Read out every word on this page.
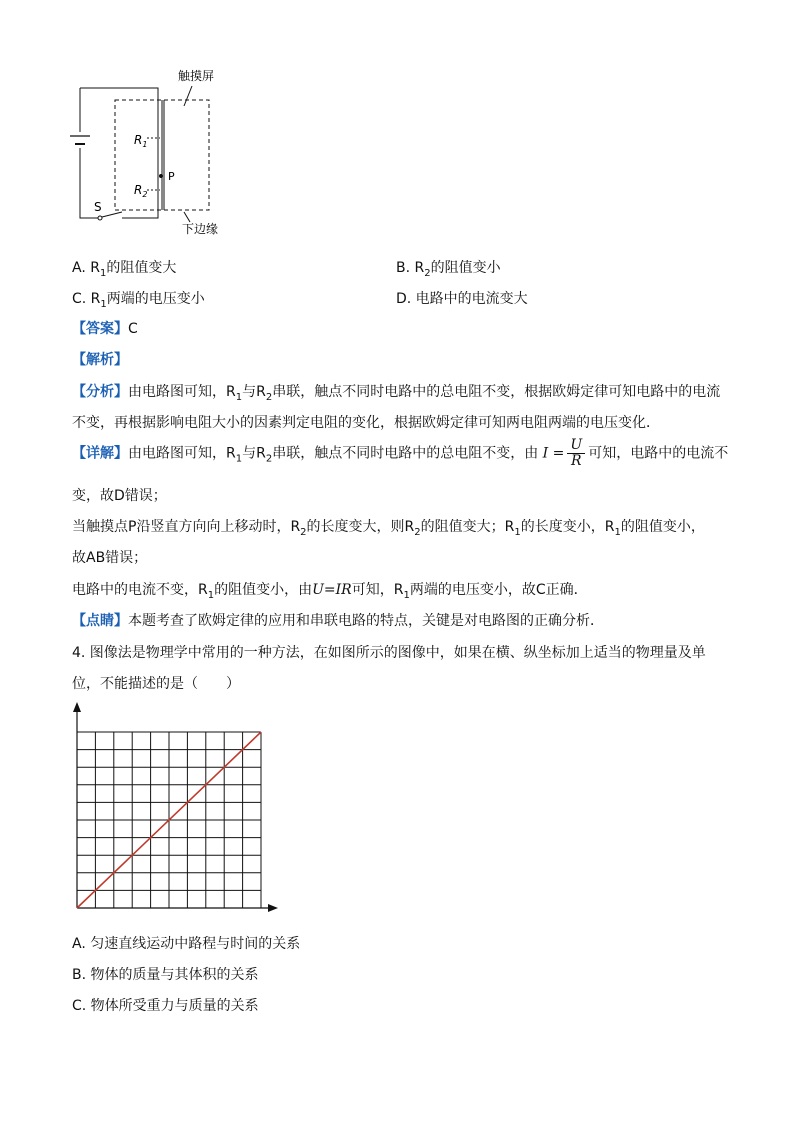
S
P
$R_1$
$R_2$
触摸屏
下边缘
A. $R_1$的阻值变大	B. $R_2$的阻值变小
C. $R_1$两端的电压变小	D. 电路中的电流变大
【答案】C
【解析】
【分析】由电路图可知，$R_1$与$R_2$串联，触点不同时电路中的总电阻不变，根据欧姆定律可知电路中的电流
不变，再根据影响电阻大小的因素判定电阻的变化，根据欧姆定律可知两电阻两端的电压变化．
【详解】由电路图可知，$R_1$与$R_2$串联，触点不同时电路中的总电阻不变，由 $I = \frac{U}{R}$ 可知，电路中的电流不
变，故D错误；
当触摸点P沿竖直方向向上移动时，$R_2$的长度变大，则$R_2$的阻值变大；$R_1$的长度变小，$R_1$的阻值变小，
故AB错误；
电路中的电流不变，$R_1$的阻值变小，由U=IR可知，$R_1$两端的电压变小，故C正确．
【点睛】本题考查了欧姆定律的应用和串联电路的特点，关键是对电路图的正确分析．
4. 图像法是物理学中常用的一种方法，在如图所示的图像中，如果在横、纵坐标加上适当的物理量及单
位，不能描述的是（　　）
A. 匀速直线运动中路程与时间的关系
B. 物体的质量与其体积的关系
C. 物体所受重力与质量的关系
